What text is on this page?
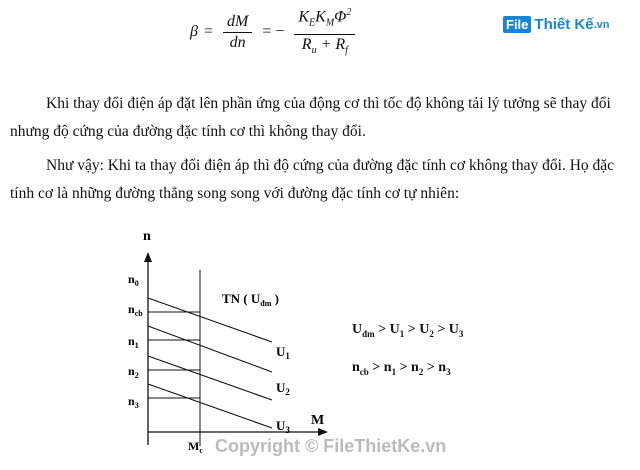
$\beta = \frac{dM}{dn}$ = − $\frac{K_EK_M\Phi^2}{R_u + R_f}$	File Thiết Kế .vn
Khi thay đổi điện áp đặt lên phần ứng của động cơ thì tốc độ không tải lý tưởng sẽ thay đổi nhưng độ cứng của đường đặc tính cơ thì không thay đổi.
Như vậy: Khi ta thay đổi điện áp thì độ cứng của đường đặc tính cơ không thay đổi. Họ đặc tính cơ là những đường thẳng song song với đường đặc tính cơ tự nhiên:
n
M
$n_0$
$n_{cb}$
$n_1$
$n_2$
$n_3$
$M_c$
TN ( $U_{đm}$ )
$U_1$
$U_2$
$U_3$
$U_{đm} > U_1 > U_2 > U_3$
$n_{cb} > n_1 > n_2 > n_3$
Copyright © FileThietKe.vn
